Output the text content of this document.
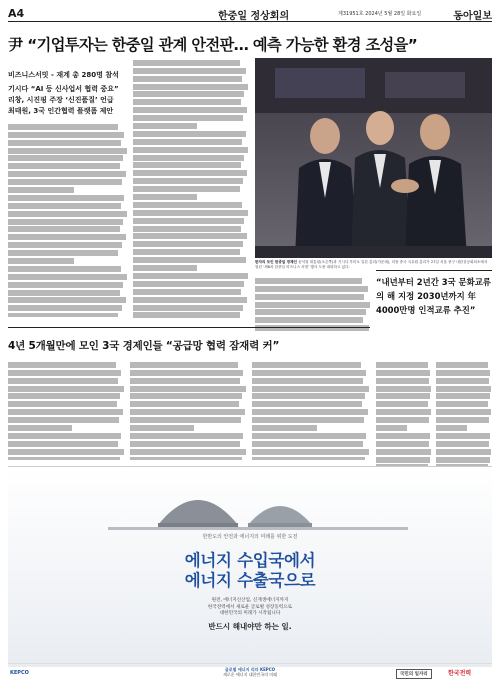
A4	한중일 정상회의	제31951호 2024년 5월 28일 화요일	동아일보
尹 “기업투자는 한중일 관계 안전판… 예측 가능한 환경 조성을”
비즈니스서밋 - 재계 총 280명 참석
기시다 “AI 등 신사업서 협력 중요”
리창, 시진핑 주장 ‘신진품질’ 언급
최태원, 3국 인간협력 플랫폼 제안
한자리 모인 한중일 경제인 윤석열 대통령(오른쪽)과 기시다 후미오 일본 총리(가운데), 리창 중국 국무원 총리가 27일 서울 중구 대한상공회의소에서 열린 ‘제8차 한중일 비즈니스 서밋’ 행사 도중 대화하고 있다.
“내년부터 2년간 3국 문화교류의 해 지정 2030년까지 年 4000만명 인적교류 추진”
4년 5개월만에 모인 3국 경제인들 “공급망 협력 잠재력 커”
한반도의 안전과 에너지의 미래를 위한 도전
에너지 수입국에서
에너지 수출국으로
원전, 에너지신산업, 신재생에너지까지
한국전력에서 새로운 글로벌 성장동력으로
대한민국의 미래가 시작됩니다
반드시 해내야만 하는 일.
KEPCO
글로벌 에너지 리더 KEPCO
새로운 에너지 대한민국의 미래	국민의 일자리	한국전력
